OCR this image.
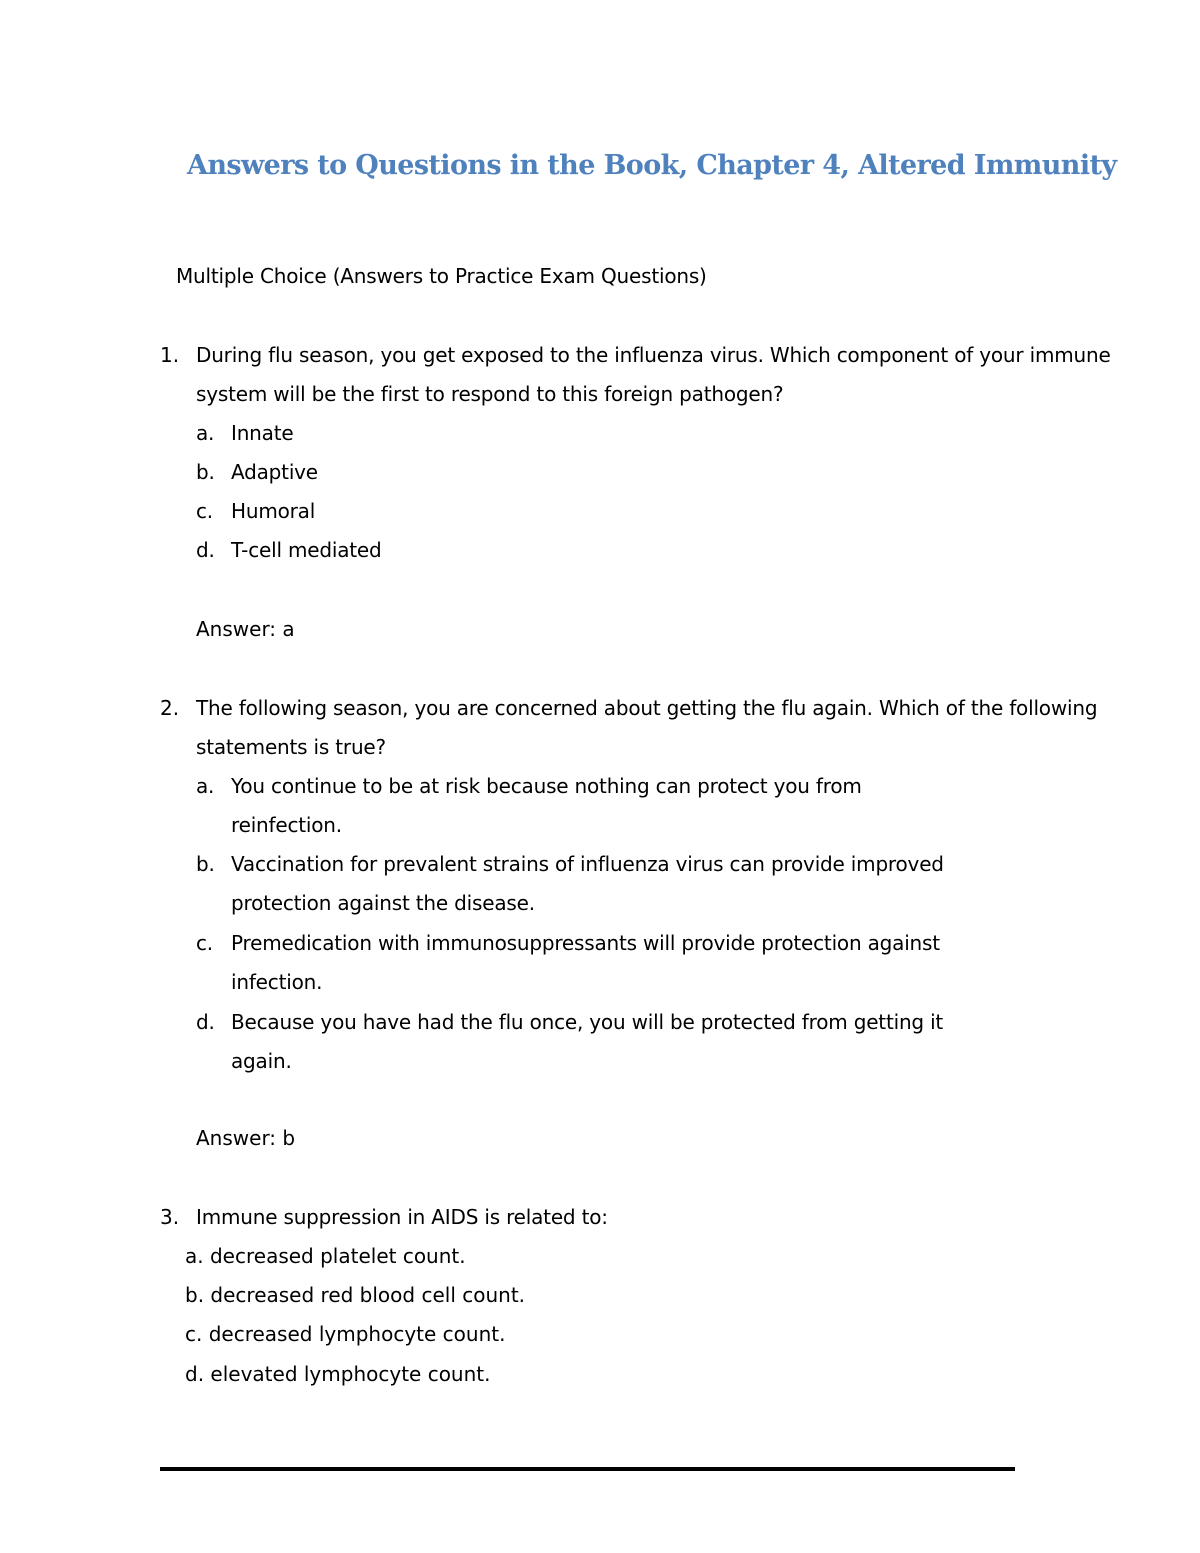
Answers to Questions in the Book, Chapter 4, Altered Immunity
Multiple Choice (Answers to Practice Exam Questions)
1. During flu season, you get exposed to the influenza virus. Which component of your immune system will be the first to respond to this foreign pathogen?
a. Innate
b. Adaptive
c. Humoral
d. T-cell mediated
Answer: a
2. The following season, you are concerned about getting the flu again. Which of the following statements is true?
a. You continue to be at risk because nothing can protect you from reinfection.
b. Vaccination for prevalent strains of influenza virus can provide improved protection against the disease.
c. Premedication with immunosuppressants will provide protection against infection.
d. Because you have had the flu once, you will be protected from getting it again.
Answer: b
3. Immune suppression in AIDS is related to:
a. decreased platelet count.
b. decreased red blood cell count.
c. decreased lymphocyte count.
d. elevated lymphocyte count.
